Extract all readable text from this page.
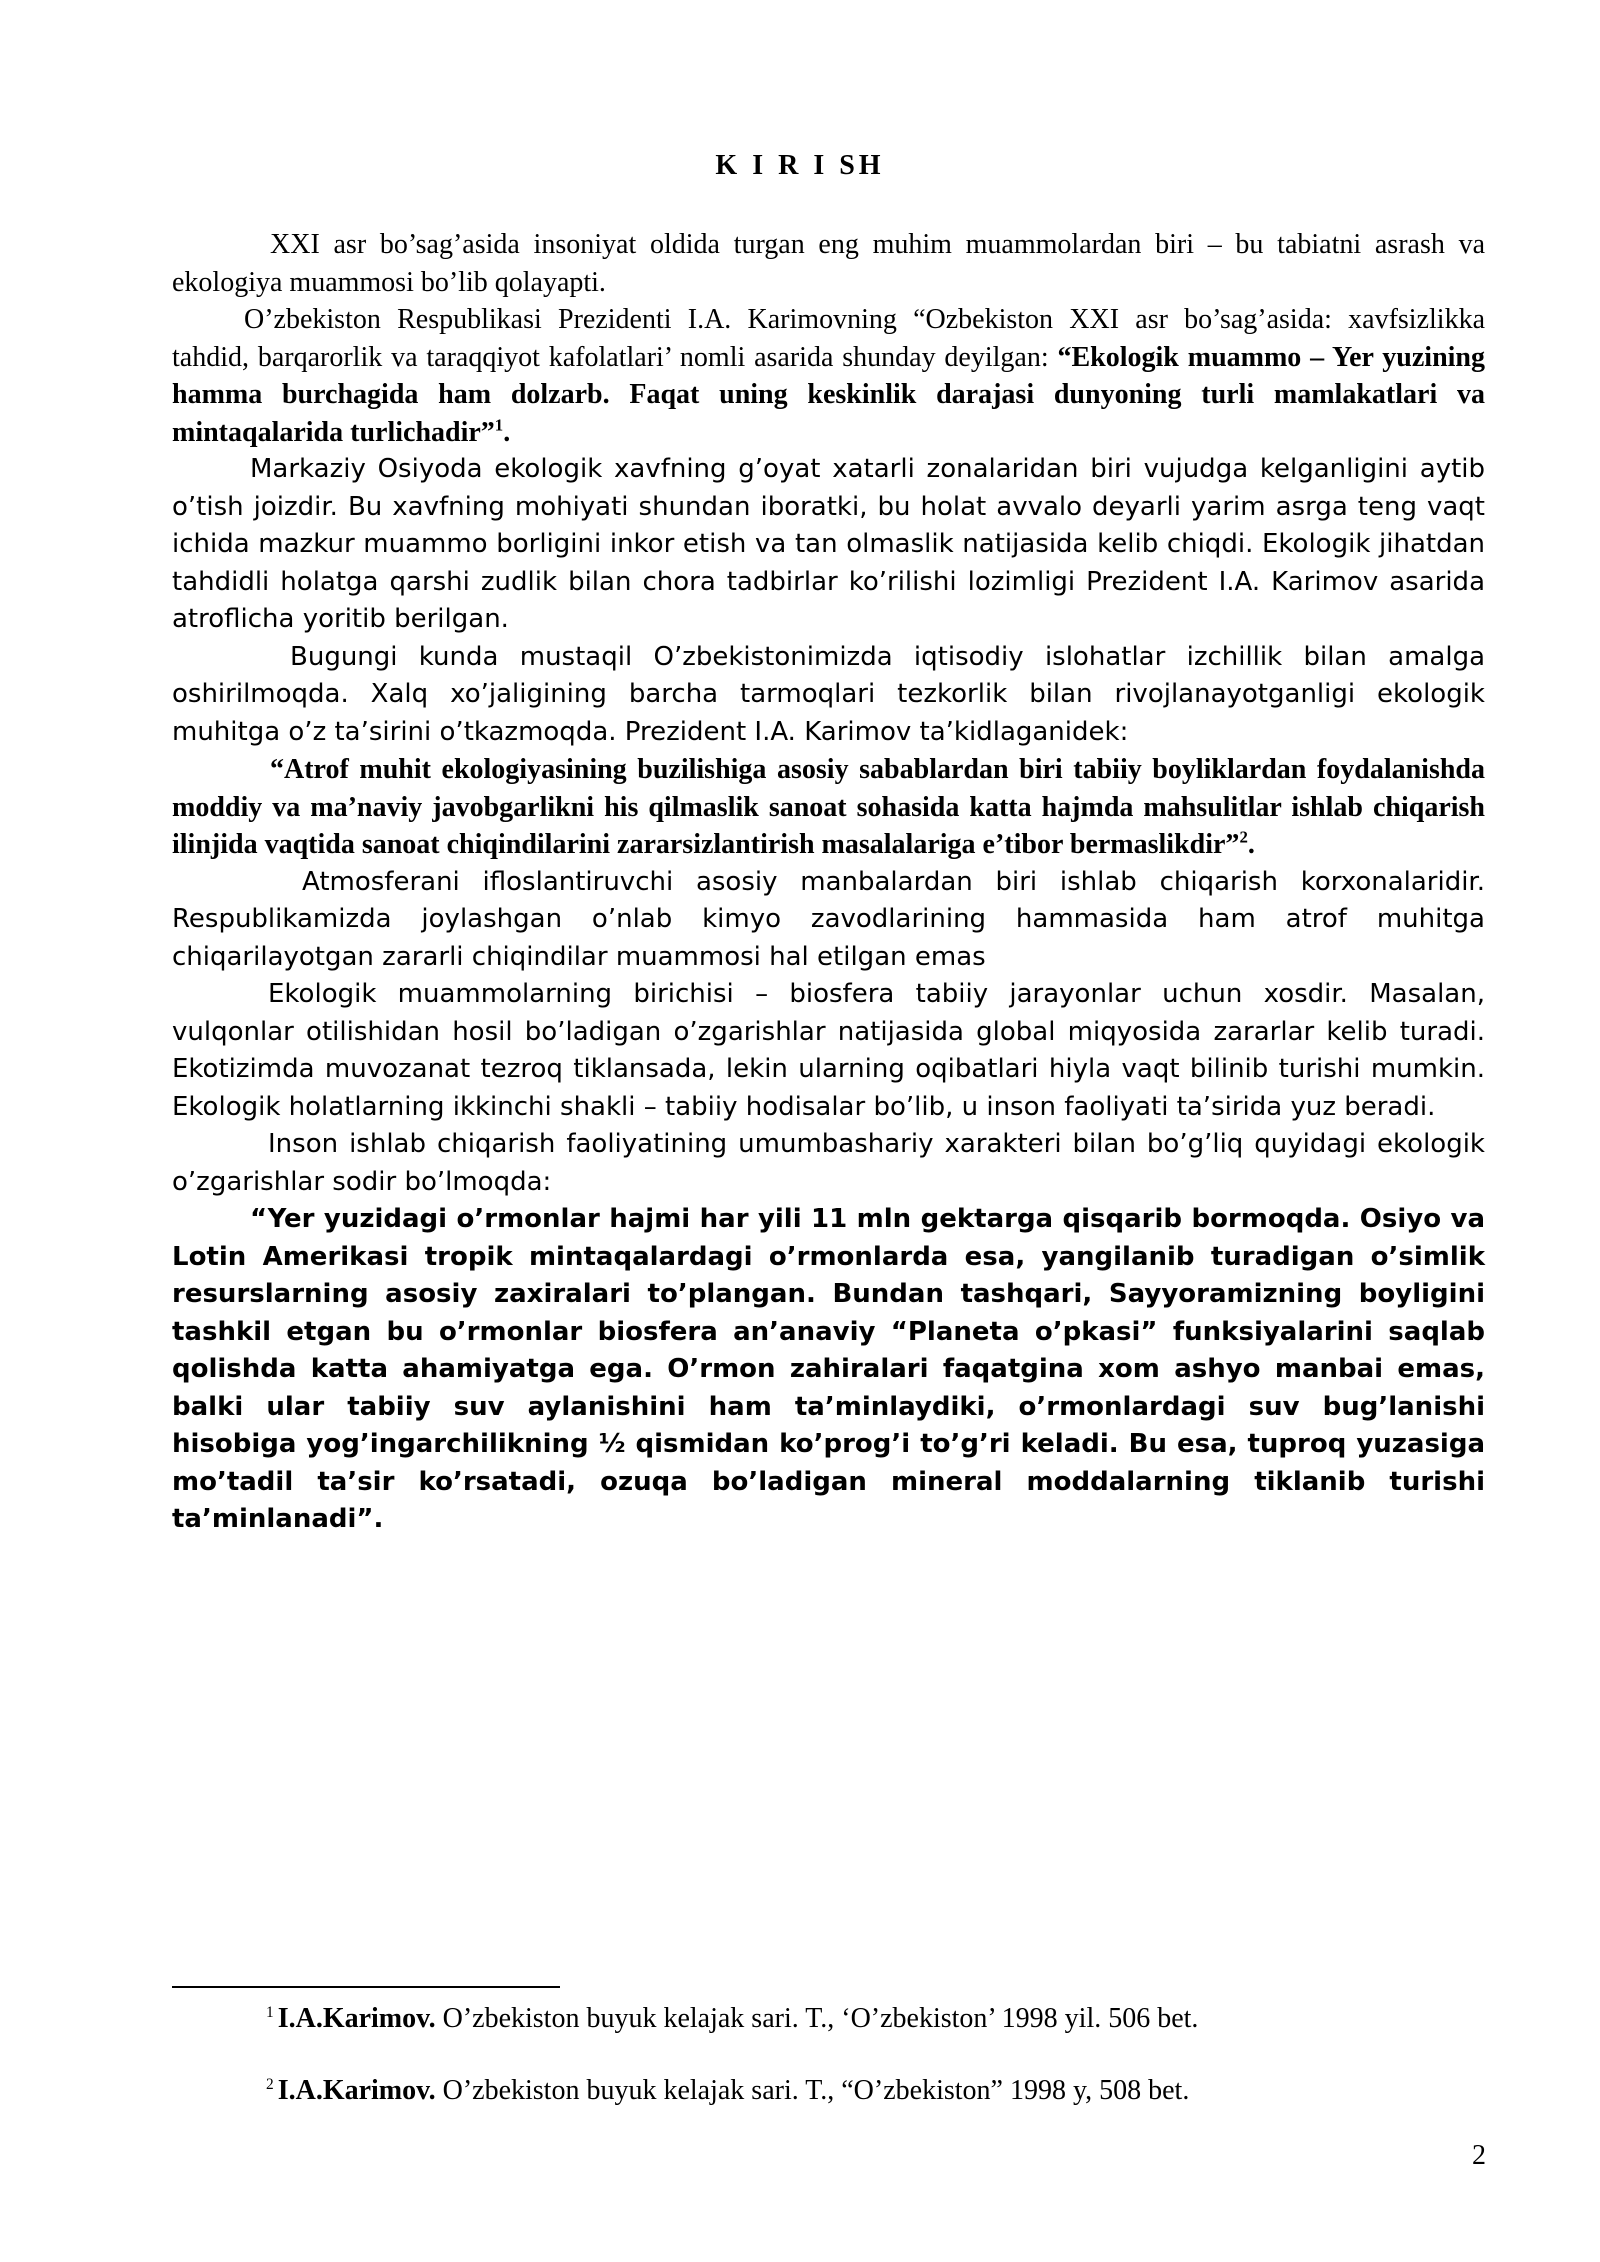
K I R I SH

XXI asr bo’sag’asida insoniyat oldida turgan eng muhim muammolardan biri – bu tabiatni asrash va ekologiya muammosi bo’lib qolayapti.

O’zbekiston Respublikasi Prezidenti I.A. Karimovning “Ozbekiston XXI asr bo’sag’asida: xavfsizlikka tahdid, barqarorlik va taraqqiyot kafolatlari’ nomli asarida shunday deyilgan: “Ekologik muammo – Yer yuzining hamma burchagida ham dolzarb. Faqat uning keskinlik darajasi dunyoning turli mamlakatlari va mintaqalarida turlichadir”$^1$.

Markaziy Osiyoda ekologik xavfning g’oyat xatarli zonalaridan biri vujudga kelganligini aytib o’tish joizdir. Bu xavfning mohiyati shundan iboratki, bu holat avvalo deyarli yarim asrga teng vaqt ichida mazkur muammo borligini inkor etish va tan olmaslik natijasida kelib chiqdi. Ekologik jihatdan tahdidli holatga qarshi zudlik bilan chora tadbirlar ko’rilishi lozimligi Prezident I.A. Karimov asarida atroflicha yoritib berilgan.

Bugungi kunda mustaqil O’zbekistonimizda iqtisodiy islohatlar izchillik bilan amalga oshirilmoqda. Xalq xo’jaligining barcha tarmoqlari tezkorlik bilan rivojlanayotganligi ekologik muhitga o’z ta’sirini o’tkazmoqda. Prezident I.A. Karimov ta’kidlaganidek:

“Atrof muhit ekologiyasining buzilishiga asosiy sabablardan biri tabiiy boyliklardan foydalanishda moddiy va ma’naviy javobgarlikni his qilmaslik sanoat sohasida katta hajmda mahsulitlar ishlab chiqarish ilinjida vaqtida sanoat chiqindilarini zararsizlantirish masalalariga e’tibor bermaslikdir”$^2$.

Atmosferani ifloslantiruvchi asosiy manbalardan biri ishlab chiqarish korxonalaridir. Respublikamizda joylashgan o’nlab kimyo zavodlarining hammasida ham atrof muhitga chiqarilayotgan zararli chiqindilar muammosi hal etilgan emas

Ekologik muammolarning birichisi – biosfera tabiiy jarayonlar uchun xosdir. Masalan, vulqonlar otilishidan hosil bo’ladigan o’zgarishlar natijasida global miqyosida zararlar kelib turadi. Ekotizimda muvozanat tezroq tiklansada, lekin ularning oqibatlari hiyla vaqt bilinib turishi mumkin. Ekologik holatlarning ikkinchi shakli – tabiiy hodisalar bo’lib, u inson faoliyati ta’sirida yuz beradi.

Inson ishlab chiqarish faoliyatining umumbashariy xarakteri bilan bo’g’liq quyidagi ekologik o’zgarishlar sodir bo’lmoqda:

“Yer yuzidagi o’rmonlar hajmi har yili 11 mln gektarga qisqarib bormoqda. Osiyo va Lotin Amerikasi tropik mintaqalardagi o’rmonlarda esa, yangilanib turadigan o’simlik resurslarning asosiy zaxiralari to’plangan. Bundan tashqari, Sayyoramizning boyligini tashkil etgan bu o’rmonlar biosfera an’anaviy “Planeta o’pkasi” funksiyalarini saqlab qolishda katta ahamiyatga ega. O’rmon zahiralari faqatgina xom ashyo manbai emas, balki ular tabiiy suv aylanishini ham ta’minlaydiki, o’rmonlardagi suv bug’lanishi hisobiga yog’ingarchilikning ½ qismidan ko’prog’i to’g’ri keladi. Bu esa, tuproq yuzasiga mo’tadil ta’sir ko’rsatadi, ozuqa bo’ladigan mineral moddalarning tiklanib turishi ta’minlanadi”.

$^1$ I.A.Karimov. O’zbekiston buyuk kelajak sari. T., ‘O’zbekiston’ 1998 yil. 506 bet.
$^2$ I.A.Karimov. O’zbekiston buyuk kelajak sari. T., “O’zbekiston” 1998 y, 508 bet.
2
